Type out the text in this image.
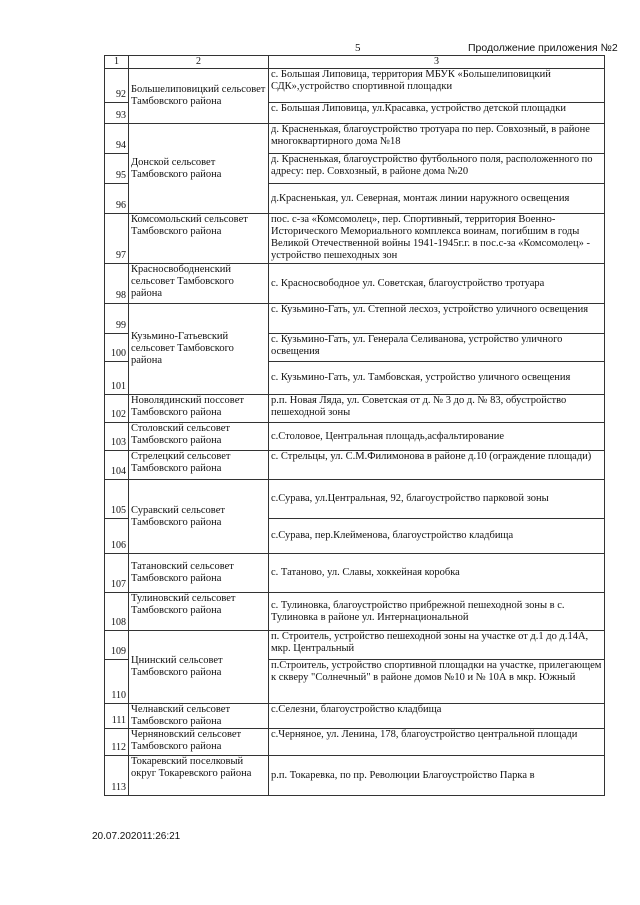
5	Продолжение приложения №2
1	2	3
92	Большелиповицкий сельсовет Тамбовского района	с. Большая Липовица, территория МБУК «Большелиповицкий СДК»,устройство спортивной площадки
93		с. Большая Липовица, ул.Красавка, устройство детской площадки
94	Донской сельсовет Тамбовского района	д. Красненькая, благоустройство тротуара по пер. Совхозный, в районе многоквартирного дома №18
95		д. Красненькая, благоустройство футбольного поля, расположенного по адресу: пер. Совхозный, в районе дома №20
96		д.Красненькая, ул. Северная, монтаж линии наружного освещения
97	Комсомольский сельсовет Тамбовского района	пос. с-за «Комсомолец», пер. Спортивный, территория Военно-Исторического Мемориального комплекса воинам, погибшим в годы Великой Отечественной войны 1941-1945г.г. в пос.с-за «Комсомолец» - устройство пешеходных зон
98	Красносвободненский сельсовет Тамбовского района	с. Красносвободное ул. Советская, благоустройство тротуара
99	Кузьмино-Гатьевский сельсовет Тамбовского района	с. Кузьмино-Гать, ул. Степной лесхоз, устройство уличного освещения
100		с. Кузьмино-Гать, ул. Генерала Селиванова, устройство уличного освещения
101		с. Кузьмино-Гать, ул. Тамбовская, устройство уличного освещения
102	Новолядинский поссовет Тамбовского района	р.п. Новая Ляда, ул. Советская от д. № 3 до д. № 83, обустройство пешеходной зоны
103	Столовский сельсовет Тамбовского района	с.Столовое, Центральная площадь,асфальтирование
104	Стрелецкий сельсовет Тамбовского района	с. Стрельцы, ул. С.М.Филимонова в районе д.10 (ограждение площади)
105	Суравский сельсовет Тамбовского района	с.Сурава, ул.Центральная, 92, благоустройство парковой зоны
106		с.Сурава, пер.Клейменова, благоустройство кладбища
107	Татановский сельсовет Тамбовского района	с. Татаново, ул. Славы, хоккейная коробка
108	Тулиновский сельсовет Тамбовского района	с. Тулиновка, благоустройство прибрежной пешеходной зоны в с. Тулиновка в районе ул. Интернациональной
109	Цнинский сельсовет Тамбовского района	п. Строитель, устройство пешеходной зоны на участке от д.1 до д.14А, мкр. Центральный
110		п.Строитель, устройство спортивной площадки на участке, прилегающем к скверу "Солнечный" в районе домов №10 и № 10А в мкр. Южный
111	Челнавский сельсовет Тамбовского района	с.Селезни, благоустройство кладбища
112	Черняновский сельсовет Тамбовского района	с.Черняное, ул. Ленина, 178, благоустройство центральной площади
113	Токаревский поселковый округ Токаревского района	р.п. Токаревка, по пр. Революции Благоустройство Парка в
20.07.202011:26:21
